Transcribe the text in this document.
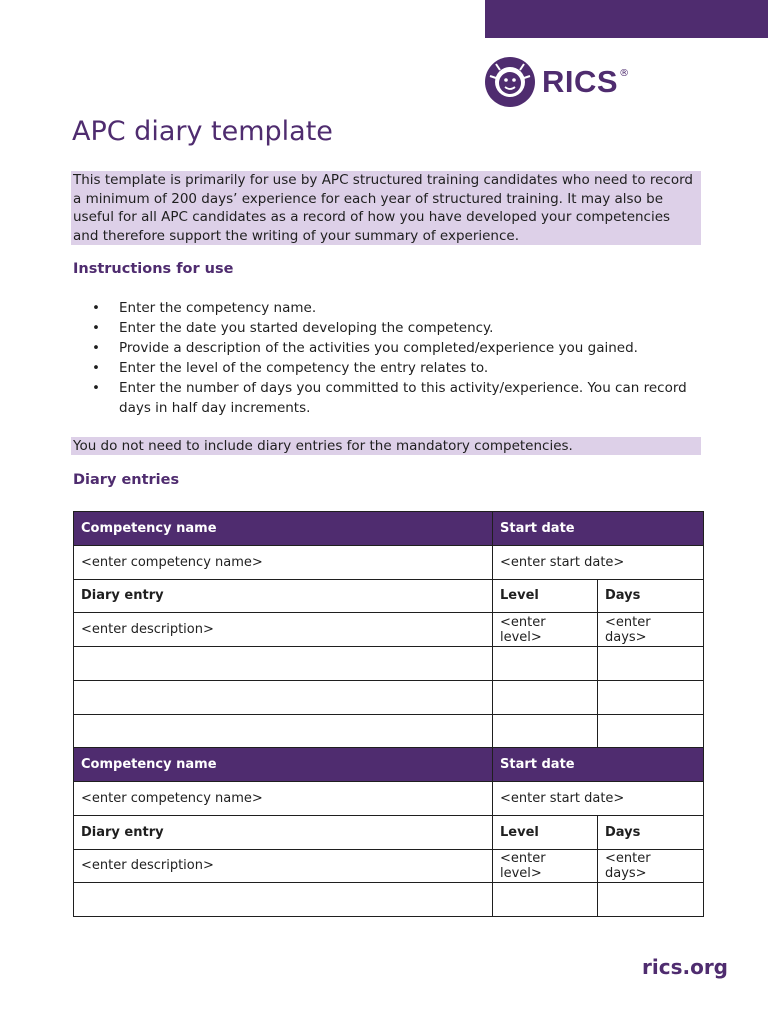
RICS ®
APC diary template
This template is primarily for use by APC structured training candidates who need to record a minimum of 200 days’ experience for each year of structured training. It may also be useful for all APC candidates as a record of how you have developed your competencies and therefore support the writing of your summary of experience.
Instructions for use
• Enter the competency name.
• Enter the date you started developing the competency.
• Provide a description of the activities you completed/experience you gained.
• Enter the level of the competency the entry relates to.
• Enter the number of days you committed to this activity/experience. You can record days in half day increments.
You do not need to include diary entries for the mandatory competencies.
Diary entries
Competency name	Start date	
<enter competency name>	<enter start date>	
Diary entry	Level	Days
<enter description>	<enter level>	<enter days>

Competency name	Start date	
<enter competency name>	<enter start date>	
Diary entry	Level	Days
<enter description>	<enter level>	<enter days>

rics.org
